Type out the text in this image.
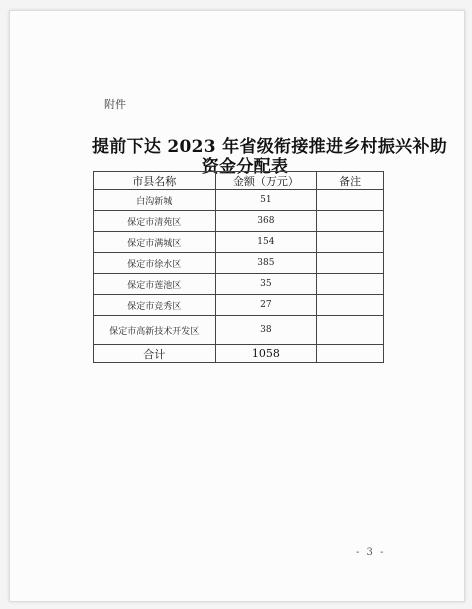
附件
提前下达 2023 年省级衔接推进乡村振兴补助
资金分配表
市县名称	金额（万元）	备注
白沟新城	51	
保定市清苑区	368	
保定市满城区	154	
保定市徐水区	385	
保定市莲池区	35	
保定市竞秀区	27	
保定市高新技术开发区	38	
合计	1058	
- 3 -
